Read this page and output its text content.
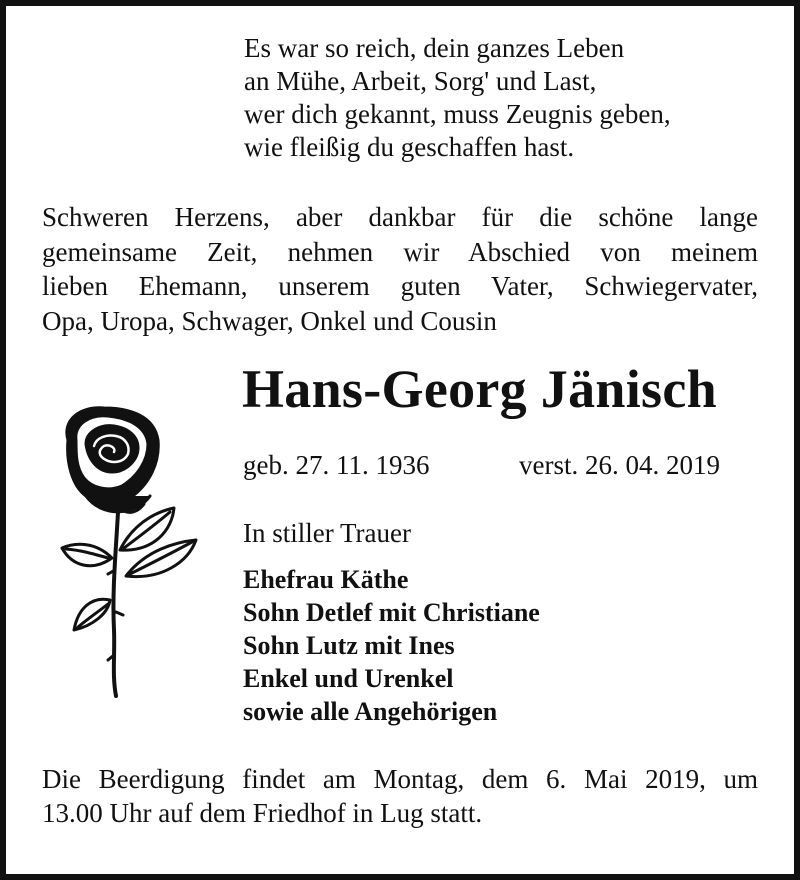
Es war so reich, dein ganzes Leben
an Mühe, Arbeit, Sorg' und Last,
wer dich gekannt, muss Zeugnis geben,
wie fleißig du geschaffen hast.
Schweren Herzens, aber dankbar für die schöne lange
gemeinsame Zeit, nehmen wir Abschied von meinem
lieben Ehemann, unserem guten Vater, Schwiegervater,
Opa, Uropa, Schwager, Onkel und Cousin
Hans-Georg Jänisch
geb. 27. 11. 1936	verst. 26. 04. 2019
In stiller Trauer
Ehefrau Käthe
Sohn Detlef mit Christiane
Sohn Lutz mit Ines
Enkel und Urenkel
sowie alle Angehörigen
Die Beerdigung findet am Montag, dem 6. Mai 2019, um
13.00 Uhr auf dem Friedhof in Lug statt.
